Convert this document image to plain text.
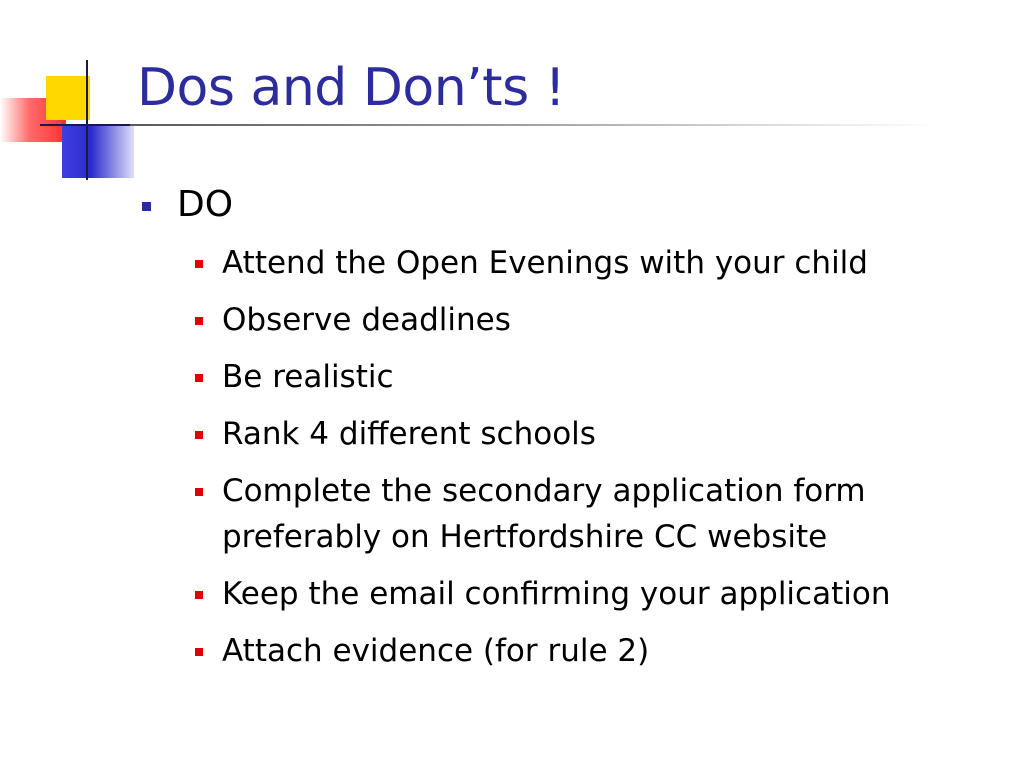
Dos and Don’ts !
DO
Attend the Open Evenings with your child
Observe deadlines
Be realistic
Rank 4 different schools
Complete the secondary application form preferably on Hertfordshire CC website
Keep the email confirming your application
Attach evidence (for rule 2)
